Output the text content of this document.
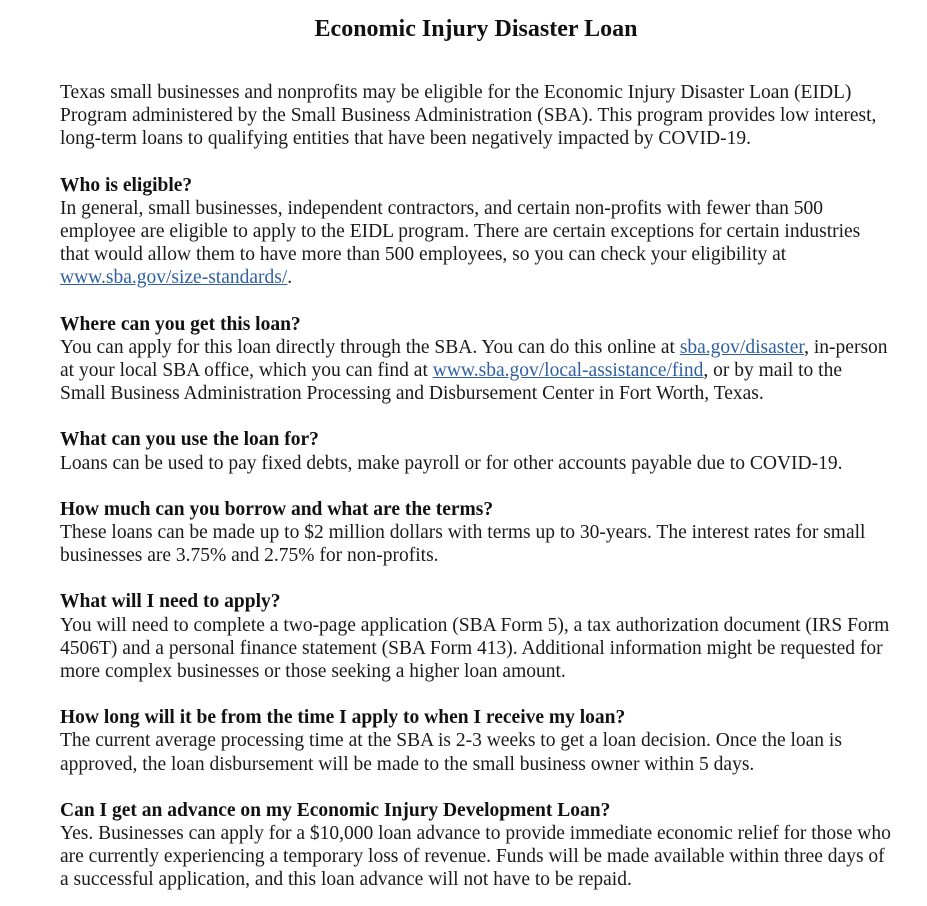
Economic Injury Disaster Loan

Texas small businesses and nonprofits may be eligible for the Economic Injury Disaster Loan (EIDL) Program administered by the Small Business Administration (SBA). This program provides low interest, long-term loans to qualifying entities that have been negatively impacted by COVID-19.

Who is eligible?

In general, small businesses, independent contractors, and certain non-profits with fewer than 500 employee are eligible to apply to the EIDL program. There are certain exceptions for certain industries that would allow them to have more than 500 employees, so you can check your eligibility at www.sba.gov/size-standards/.

Where can you get this loan?

You can apply for this loan directly through the SBA. You can do this online at sba.gov/disaster, in-person at your local SBA office, which you can find at www.sba.gov/local-assistance/find, or by mail to the Small Business Administration Processing and Disbursement Center in Fort Worth, Texas.

What can you use the loan for?

Loans can be used to pay fixed debts, make payroll or for other accounts payable due to COVID-19.

How much can you borrow and what are the terms?

These loans can be made up to $2 million dollars with terms up to 30-years. The interest rates for small businesses are 3.75% and 2.75% for non-profits.

What will I need to apply?

You will need to complete a two-page application (SBA Form 5), a tax authorization document (IRS Form 4506T) and a personal finance statement (SBA Form 413). Additional information might be requested for more complex businesses or those seeking a higher loan amount.

How long will it be from the time I apply to when I receive my loan?

The current average processing time at the SBA is 2-3 weeks to get a loan decision. Once the loan is approved, the loan disbursement will be made to the small business owner within 5 days.

Can I get an advance on my Economic Injury Development Loan?

Yes. Businesses can apply for a $10,000 loan advance to provide immediate economic relief for those who are currently experiencing a temporary loss of revenue. Funds will be made available within three days of a successful application, and this loan advance will not have to be repaid.
